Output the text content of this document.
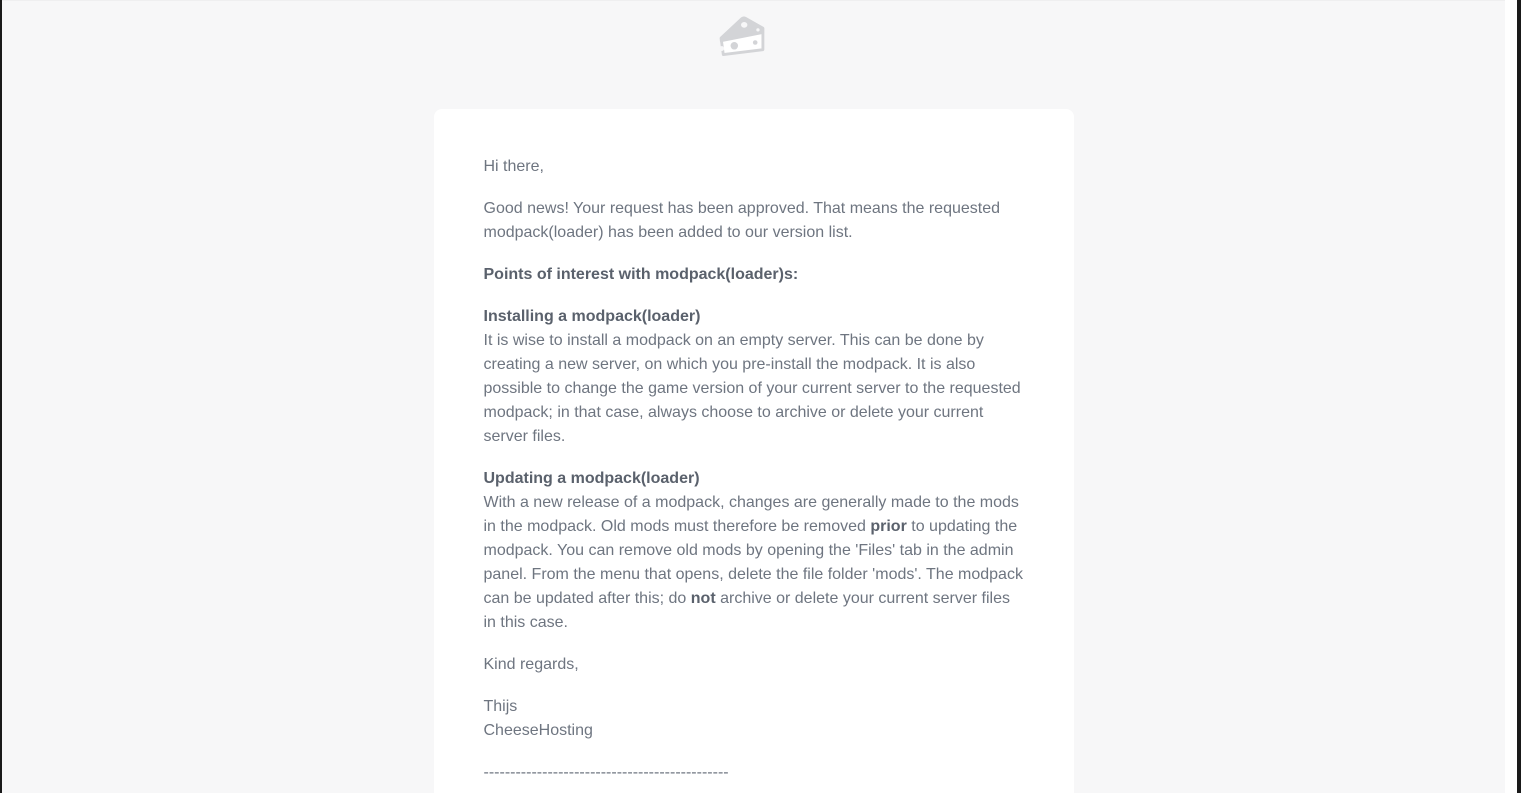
Hi there,

Good news! Your request has been approved. That means the requested
modpack(loader) has been added to our version list.

Points of interest with modpack(loader)s:

Installing a modpack(loader)
It is wise to install a modpack on an empty server. This can be done by
creating a new server, on which you pre-install the modpack. It is also
possible to change the game version of your current server to the requested
modpack; in that case, always choose to archive or delete your current
server files.

Updating a modpack(loader)
With a new release of a modpack, changes are generally made to the mods
in the modpack. Old mods must therefore be removed prior to updating the
modpack. You can remove old mods by opening the 'Files' tab in the admin
panel. From the menu that opens, delete the file folder 'mods'. The modpack
can be updated after this; do not archive or delete your current server files
in this case.

Kind regards,

Thijs
CheeseHosting

----------------------------------------------
